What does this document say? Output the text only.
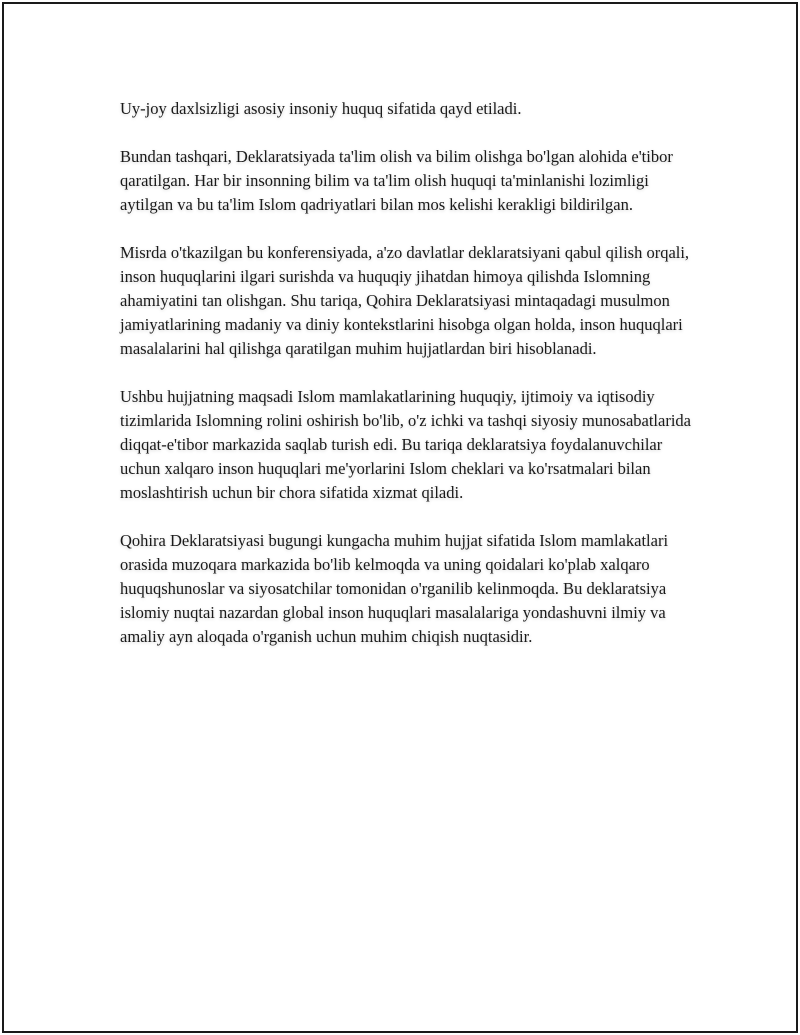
Uy-joy daxlsizligi asosiy insoniy huquq sifatida qayd etiladi.

Bundan tashqari, Deklaratsiyada ta'lim olish va bilim olishga bo'lgan alohida e'tibor qaratilgan. Har bir insonning bilim va ta'lim olish huquqi ta'minlanishi lozimligi aytilgan va bu ta'lim Islom qadriyatlari bilan mos kelishi kerakligi bildirilgan.

Misrda o'tkazilgan bu konferensiyada, a'zo davlatlar deklaratsiyani qabul qilish orqali, inson huquqlarini ilgari surishda va huquqiy jihatdan himoya qilishda Islomning ahamiyatini tan olishgan. Shu tariqa, Qohira Deklaratsiyasi mintaqadagi musulmon jamiyatlarining madaniy va diniy kontekstlarini hisobga olgan holda, inson huquqlari masalalarini hal qilishga qaratilgan muhim hujjatlardan biri hisoblanadi.

Ushbu hujjatning maqsadi Islom mamlakatlarining huquqiy, ijtimoiy va iqtisodiy tizimlarida Islomning rolini oshirish bo'lib, o'z ichki va tashqi siyosiy munosabatlarida diqqat-e'tibor markazida saqlab turish edi. Bu tariqa deklaratsiya foydalanuvchilar uchun xalqaro inson huquqlari me'yorlarini Islom cheklari va ko'rsatmalari bilan moslashtirish uchun bir chora sifatida xizmat qiladi.

Qohira Deklaratsiyasi bugungi kungacha muhim hujjat sifatida Islom mamlakatlari orasida muzoqara markazida bo'lib kelmoqda va uning qoidalari ko'plab xalqaro huquqshunoslar va siyosatchilar tomonidan o'rganilib kelinmoqda. Bu deklaratsiya islomiy nuqtai nazardan global inson huquqlari masalalariga yondashuvni ilmiy va amaliy ayn aloqada o'rganish uchun muhim chiqish nuqtasidir.
